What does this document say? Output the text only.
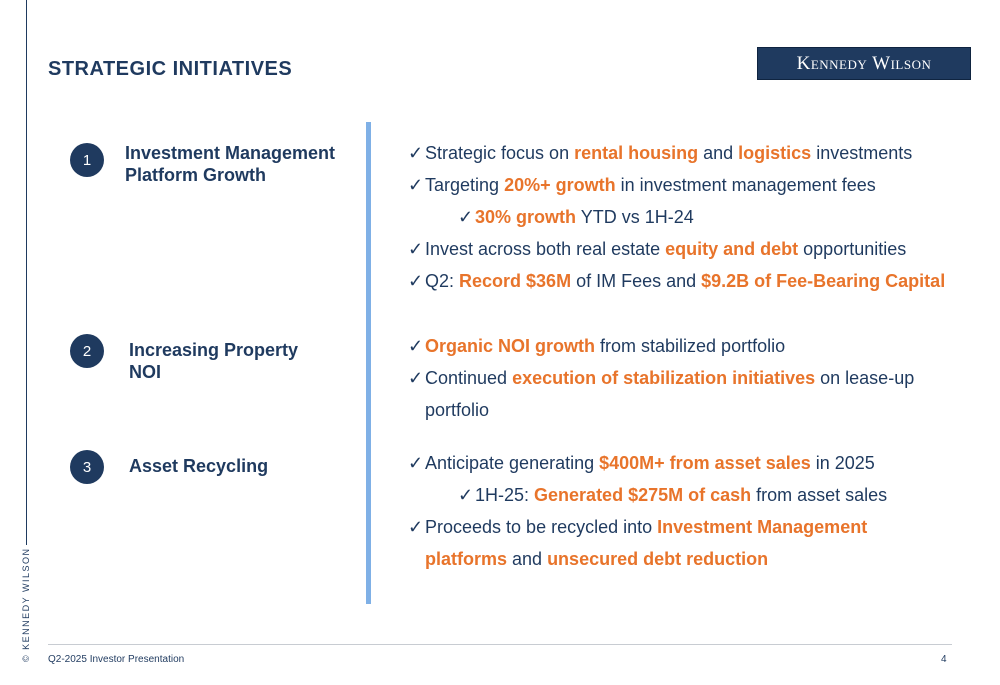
© KENNEDY WILSON
STRATEGIC INITIATIVES	Kennedy Wilson
1	Investment Management Platform Growth
✓ Strategic focus on rental housing and logistics investments
✓ Targeting 20%+ growth in investment management fees
✓ 30% growth YTD vs 1H-24
✓ Invest across both real estate equity and debt opportunities
✓ Q2: Record $36M of IM Fees and $9.2B of Fee-Bearing Capital
2	Increasing Property NOI
✓ Organic NOI growth from stabilized portfolio
✓ Continued execution of stabilization initiatives on lease-up
portfolio
3	Asset Recycling	✓ Anticipate generating $400M+ from asset sales in 2025
✓ 1H-25: Generated $275M of cash from asset sales
✓ Proceeds to be recycled into Investment Management
platforms and unsecured debt reduction
Q2-2025 Investor Presentation	4
